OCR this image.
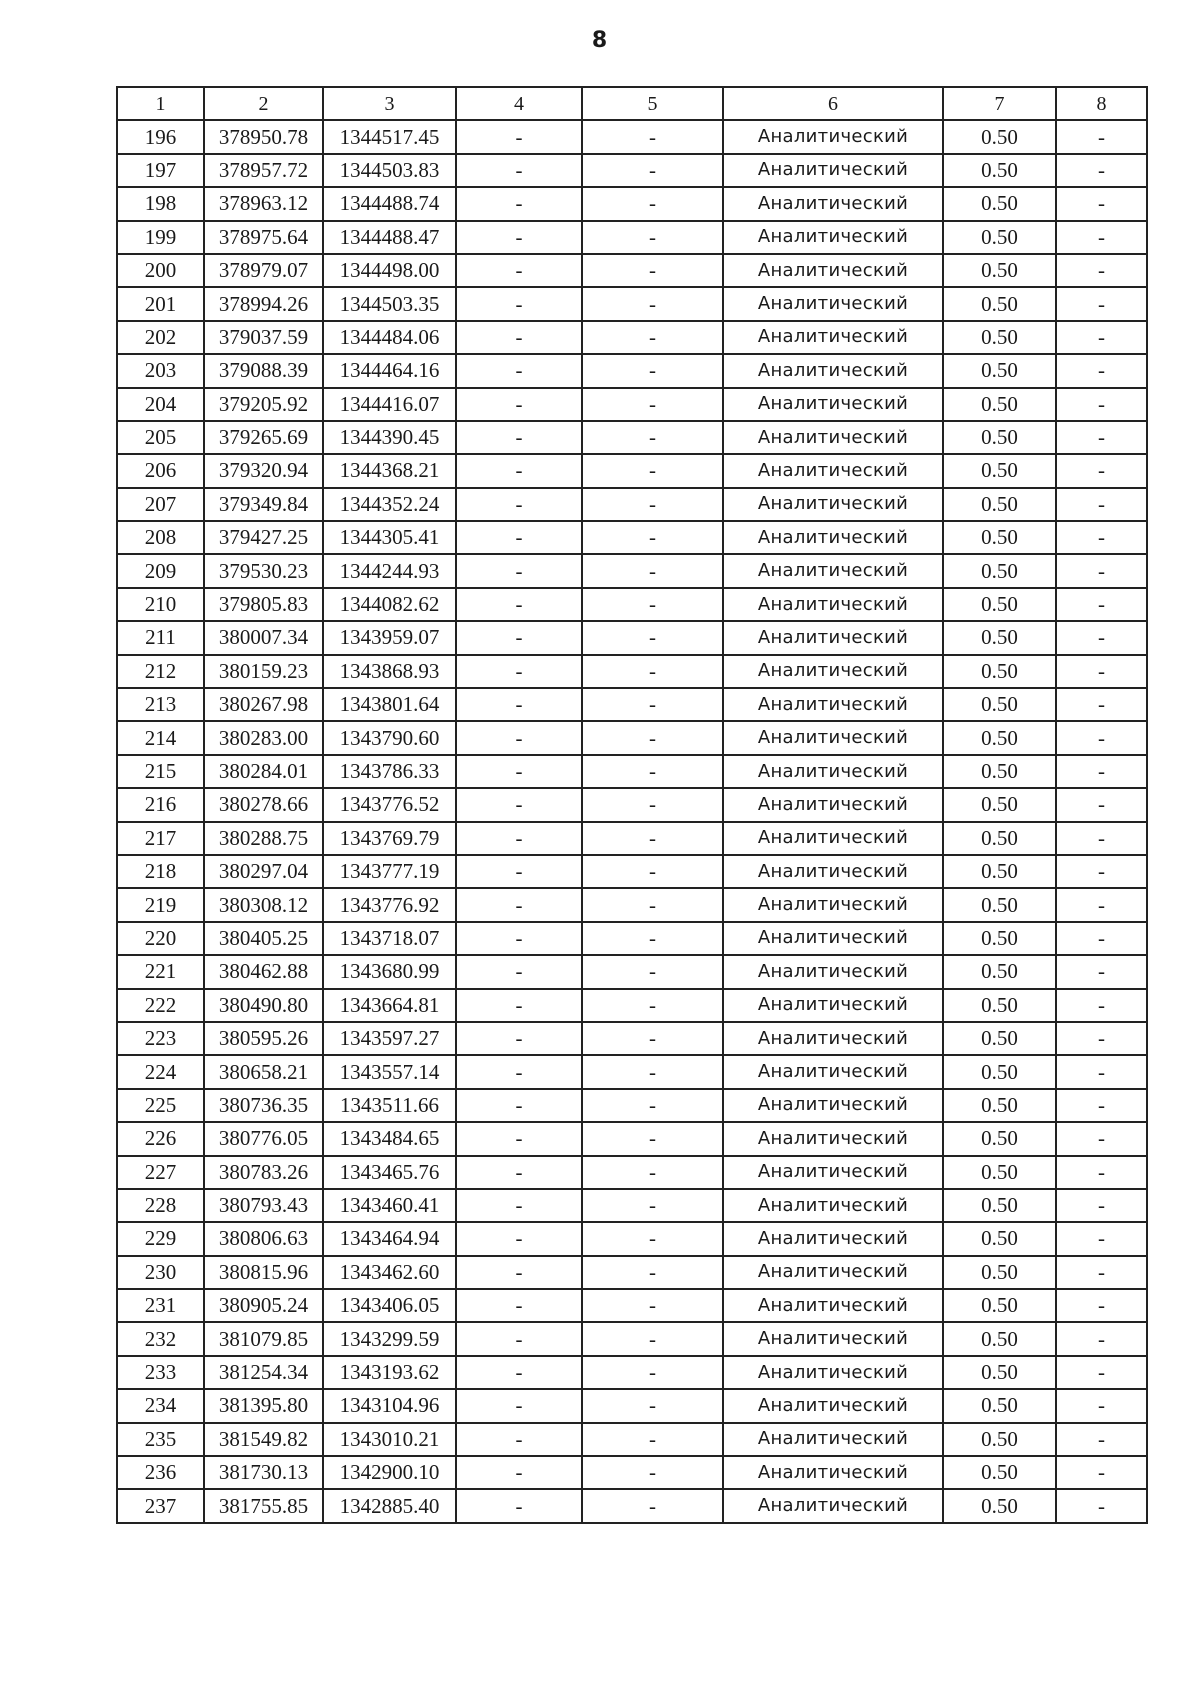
8
1	2	3	4	5	6	7	8
196	378950.78	1344517.45	-	-	Аналитический	0.50	-
197	378957.72	1344503.83	-	-	Аналитический	0.50	-
198	378963.12	1344488.74	-	-	Аналитический	0.50	-
199	378975.64	1344488.47	-	-	Аналитический	0.50	-
200	378979.07	1344498.00	-	-	Аналитический	0.50	-
201	378994.26	1344503.35	-	-	Аналитический	0.50	-
202	379037.59	1344484.06	-	-	Аналитический	0.50	-
203	379088.39	1344464.16	-	-	Аналитический	0.50	-
204	379205.92	1344416.07	-	-	Аналитический	0.50	-
205	379265.69	1344390.45	-	-	Аналитический	0.50	-
206	379320.94	1344368.21	-	-	Аналитический	0.50	-
207	379349.84	1344352.24	-	-	Аналитический	0.50	-
208	379427.25	1344305.41	-	-	Аналитический	0.50	-
209	379530.23	1344244.93	-	-	Аналитический	0.50	-
210	379805.83	1344082.62	-	-	Аналитический	0.50	-
211	380007.34	1343959.07	-	-	Аналитический	0.50	-
212	380159.23	1343868.93	-	-	Аналитический	0.50	-
213	380267.98	1343801.64	-	-	Аналитический	0.50	-
214	380283.00	1343790.60	-	-	Аналитический	0.50	-
215	380284.01	1343786.33	-	-	Аналитический	0.50	-
216	380278.66	1343776.52	-	-	Аналитический	0.50	-
217	380288.75	1343769.79	-	-	Аналитический	0.50	-
218	380297.04	1343777.19	-	-	Аналитический	0.50	-
219	380308.12	1343776.92	-	-	Аналитический	0.50	-
220	380405.25	1343718.07	-	-	Аналитический	0.50	-
221	380462.88	1343680.99	-	-	Аналитический	0.50	-
222	380490.80	1343664.81	-	-	Аналитический	0.50	-
223	380595.26	1343597.27	-	-	Аналитический	0.50	-
224	380658.21	1343557.14	-	-	Аналитический	0.50	-
225	380736.35	1343511.66	-	-	Аналитический	0.50	-
226	380776.05	1343484.65	-	-	Аналитический	0.50	-
227	380783.26	1343465.76	-	-	Аналитический	0.50	-
228	380793.43	1343460.41	-	-	Аналитический	0.50	-
229	380806.63	1343464.94	-	-	Аналитический	0.50	-
230	380815.96	1343462.60	-	-	Аналитический	0.50	-
231	380905.24	1343406.05	-	-	Аналитический	0.50	-
232	381079.85	1343299.59	-	-	Аналитический	0.50	-
233	381254.34	1343193.62	-	-	Аналитический	0.50	-
234	381395.80	1343104.96	-	-	Аналитический	0.50	-
235	381549.82	1343010.21	-	-	Аналитический	0.50	-
236	381730.13	1342900.10	-	-	Аналитический	0.50	-
237	381755.85	1342885.40	-	-	Аналитический	0.50	-
